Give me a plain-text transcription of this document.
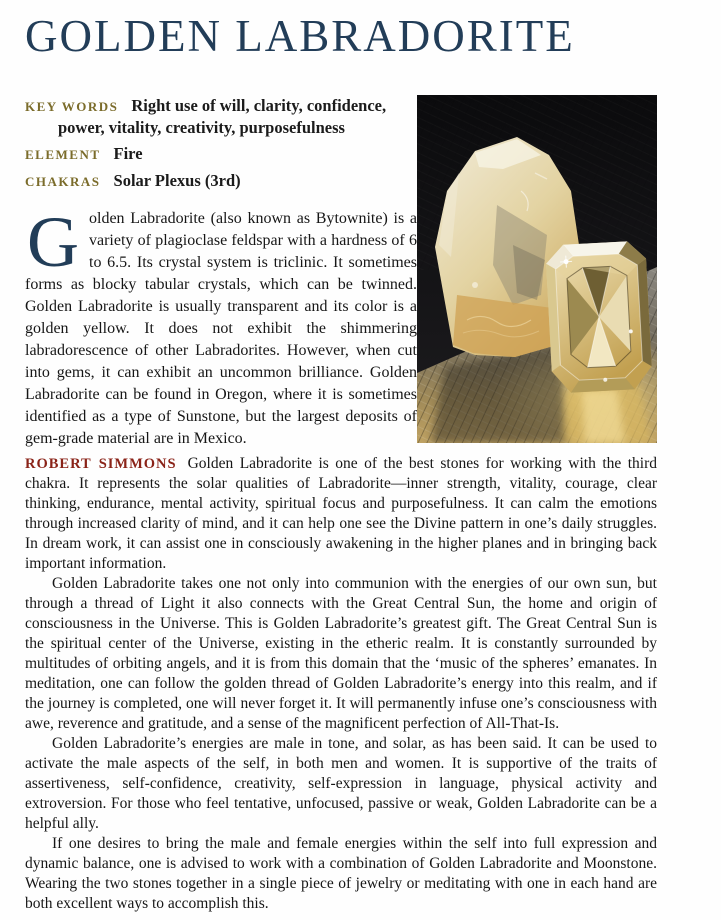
GOLDEN LABRADORITE

KEY WORDS Right use of will, clarity, confidence, power, vitality, creativity, purposefulness

ELEMENT Fire

CHAKRAS Solar Plexus (3rd)

Golden Labradorite (also known as Bytownite) is a variety of plagioclase feldspar with a hardness of 6 to 6.5. Its crystal system is triclinic. It sometimes forms as blocky tabular crystals, which can be twinned. Golden Labradorite is usually transparent and its color is a golden yellow. It does not exhibit the shimmering labradorescence of other Labradorites. However, when cut into gems, it can exhibit an uncommon brilliance. Golden Labradorite can be found in Oregon, where it is sometimes identified as a type of Sunstone, but the largest deposits of gem-grade material are in Mexico.

ROBERT SIMMONS Golden Labradorite is one of the best stones for working with the third chakra. It represents the solar qualities of Labradorite—inner strength, vitality, courage, clear thinking, endurance, mental activity, spiritual focus and purposefulness. It can calm the emotions through increased clarity of mind, and it can help one see the Divine pattern in one’s daily struggles. In dream work, it can assist one in consciously awakening in the higher planes and in bringing back important information.

Golden Labradorite takes one not only into communion with the energies of our own sun, but through a thread of Light it also connects with the Great Central Sun, the home and origin of consciousness in the Universe. This is Golden Labradorite’s greatest gift. The Great Central Sun is the spiritual center of the Universe, existing in the etheric realm. It is constantly surrounded by multitudes of orbiting angels, and it is from this domain that the ‘music of the spheres’ emanates. In meditation, one can follow the golden thread of Golden Labradorite’s energy into this realm, and if the journey is completed, one will never forget it. It will permanently infuse one’s consciousness with awe, reverence and gratitude, and a sense of the magnificent perfection of All-That-Is.

Golden Labradorite’s energies are male in tone, and solar, as has been said. It can be used to activate the male aspects of the self, in both men and women. It is supportive of the traits of assertiveness, self-confidence, creativity, self-expression in language, physical activity and extroversion. For those who feel tentative, unfocused, passive or weak, Golden Labradorite can be a helpful ally.

If one desires to bring the male and female energies within the self into full expression and dynamic balance, one is advised to work with a combination of Golden Labradorite and Moonstone. Wearing the two stones together in a single piece of jewelry or meditating with one in each hand are both excellent ways to accomplish this.
